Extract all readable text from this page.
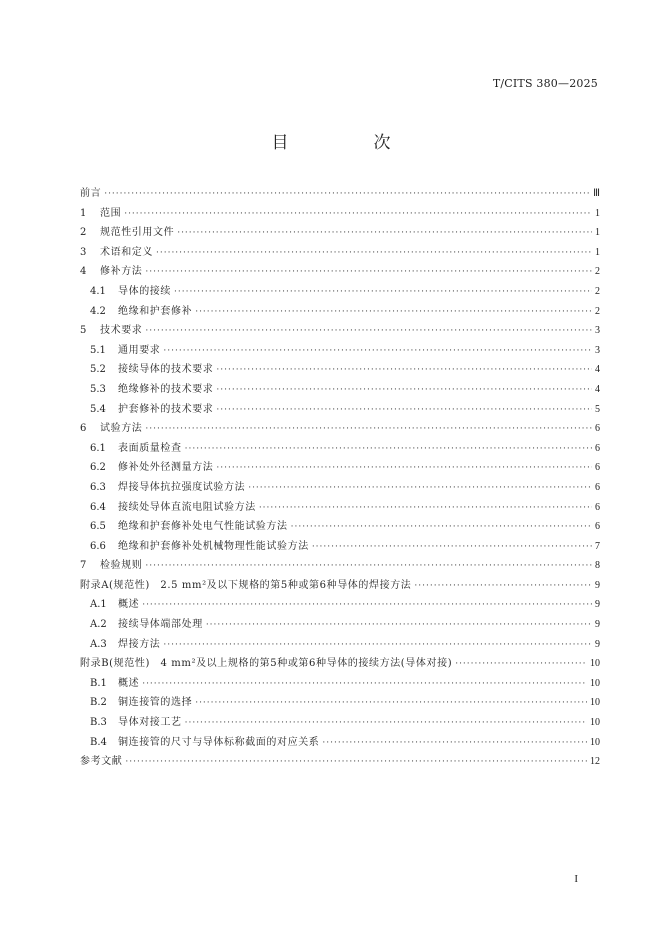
T/CITS 380—2025
目　次
前言 ·····	Ⅲ
1	范围 ·····	1
2	规范性引用文件 ·····	1
3	术语和定义 ·····	1
4	修补方法 ·····	2
4.1	导体的接续 ·····	2
4.2	绝缘和护套修补 ·····	2
5	技术要求 ·····	3
5.1	通用要求 ·····	3
5.2	接续导体的技术要求 ·····	4
5.3	绝缘修补的技术要求 ·····	4
5.4	护套修补的技术要求 ·····	5
6	试验方法 ·····	6
6.1	表面质量检查 ·····	6
6.2	修补处外径测量方法 ·····	6
6.3	焊接导体抗拉强度试验方法 ·····	6
6.4	接续处导体直流电阻试验方法 ·····	6
6.5	绝缘和护套修补处电气性能试验方法 ·····	6
6.6	绝缘和护套修补处机械物理性能试验方法 ·····	7
7	检验规则 ·····	8
附录A(规范性)　2.5 mm²及以下规格的第5种或第6种导体的焊接方法 ·····	9
A.1	概述 ·····	9
A.2	接续导体端部处理 ·····	9
A.3	焊接方法 ·····	9
附录B(规范性)　4 mm²及以上规格的第5种或第6种导体的接续方法(导体对接) ·····	10
B.1	概述 ·····	10
B.2	铜连接管的选择 ·····	10
B.3	导体对接工艺 ·····	10
B.4	铜连接管的尺寸与导体标称截面的对应关系 ·····	10
参考文献 ·····	12
I
